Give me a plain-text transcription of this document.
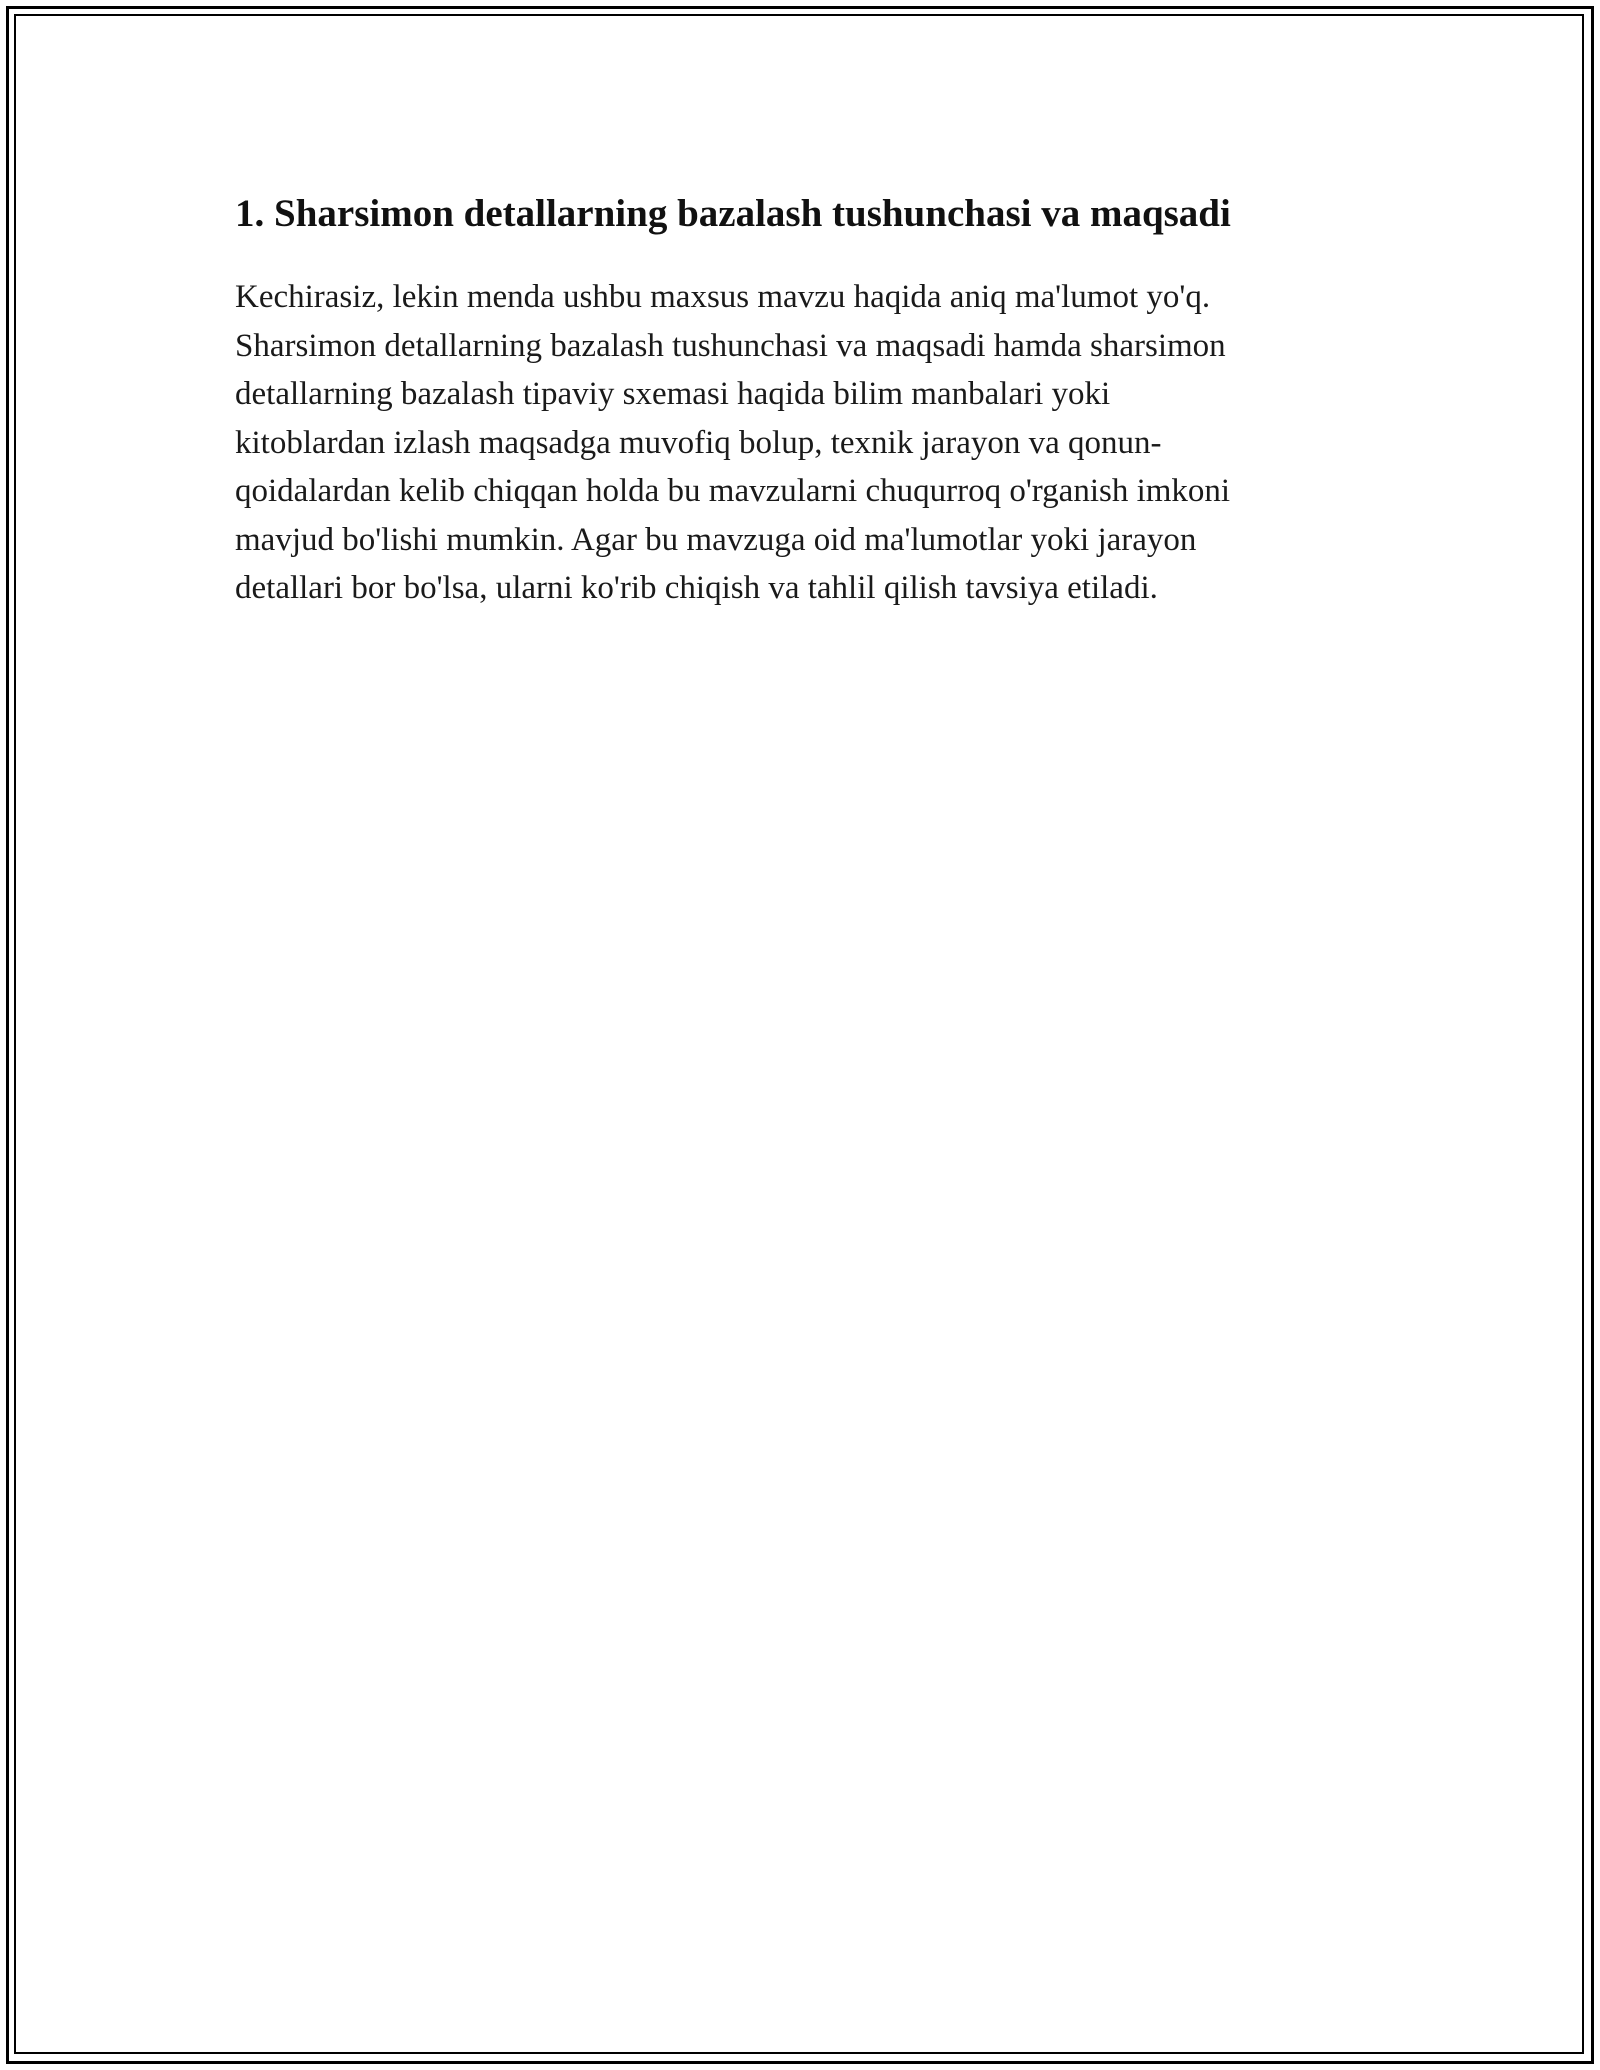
1. Sharsimon detallarning bazalash tushunchasi va maqsadi

Kechirasiz, lekin menda ushbu maxsus mavzu haqida aniq ma'lumot yo'q.
Sharsimon detallarning bazalash tushunchasi va maqsadi hamda sharsimon
detallarning bazalash tipaviy sxemasi haqida bilim manbalari yoki
kitoblardan izlash maqsadga muvofiq bolup, texnik jarayon va qonun-
qoidalardan kelib chiqqan holda bu mavzularni chuqurroq o'rganish imkoni
mavjud bo'lishi mumkin. Agar bu mavzuga oid ma'lumotlar yoki jarayon
detallari bor bo'lsa, ularni ko'rib chiqish va tahlil qilish tavsiya etiladi.
